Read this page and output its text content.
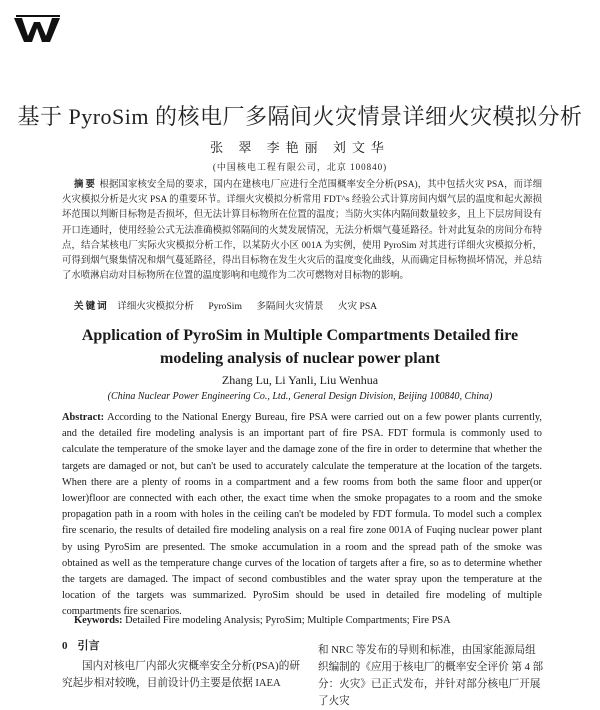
基于 PyroSim 的核电厂多隔间火灾情景详细火灾模拟分析
张 翠 李艳丽 刘文华
(中国核电工程有限公司，北京 100840)
摘要 根据国家核安全局的要求，国内在建核电厂应进行全范围概率安全分析(PSA)，其中包括火灾 PSA，而详细火灾模拟分析是火灾 PSA 的重要环节。详细火灾模拟分析常用 FDT^s 经验公式计算房间内烟气层的温度和起火源损坏范围以判断目标物是否损坏，但无法计算目标物所在位置的温度；当防火实体内隔间数量较多，且上下层房间设有开口连通时，使用经验公式无法准确模拟邻隔间的火焚发展情况，无法分析烟气蔓延路径。针对此复杂的房间分布特点，结合某核电厂实际火灾模拟分析工作，以某防火小区 001A 为实例，使用 PyroSim 对其进行详细火灾模拟分析，可得到烟气聚集情况和烟气蔓延路径，得出目标物在发生火灾后的温度变化曲线，从而确定目标物损坏情况，并总结了水喷淋启动对目标物所在位置的温度影响和电缆作为二次可燃物对目标物的影响。
关键词 详细火灾模拟分析 PyroSim 多隔间火灾情景 火灾 PSA
Application of PyroSim in Multiple Compartments Detailed fire
modeling analysis of nuclear power plant
Zhang Lu, Li Yanli, Liu Wenhua
(China Nuclear Power Engineering Co., Ltd., General Design Division, Beijing 100840, China)
Abstract: According to the National Energy Bureau, fire PSA were carried out on a few power plants currently, and the detailed fire modeling analysis is an important part of fire PSA. FDT formula is commonly used to calculate the temperature of the smoke layer and the damage zone of the fire in order to determine that whether the targets are damaged or not, but can't be used to accurately calculate the temperature at the location of the targets. When there are a plenty of rooms in a compartment and a few rooms from both the same floor and upper(or lower)floor are connected with each other, the exact time when the smoke propagates to a room and the smoke propagation path in a room with holes in the ceiling can't be modeled by FDT formula. To model such a complex fire scenario, the results of detailed fire modeling analysis on a real fire zone 001A of Fuqing nuclear power plant by using PyroSim are presented. The smoke accumulation in a room and the spread path of the smoke was obtained as well as the temperature change curves of the location of targets after a fire, so as to determine whether the targets are damaged. The impact of second combustibles and the water spray upon the temperature at the location of the targets was summarized. PyroSim should be used in detailed fire modeling of multiple compartments fire scenarios.
Keywords: Detailed Fire modeling Analysis; PyroSim; Multiple Compartments; Fire PSA
0 引言
国内对核电厂内部火灾概率安全分析(PSA)的研究起步相对较晚，目前设计仍主要是依据 IAEA
和 NRC 等发布的导则和标准，由国家能源局组织编制的《应用于核电厂的概率安全评价 第 4 部分：火灾》已正式发布，并针对部分核电厂开展了火灾
